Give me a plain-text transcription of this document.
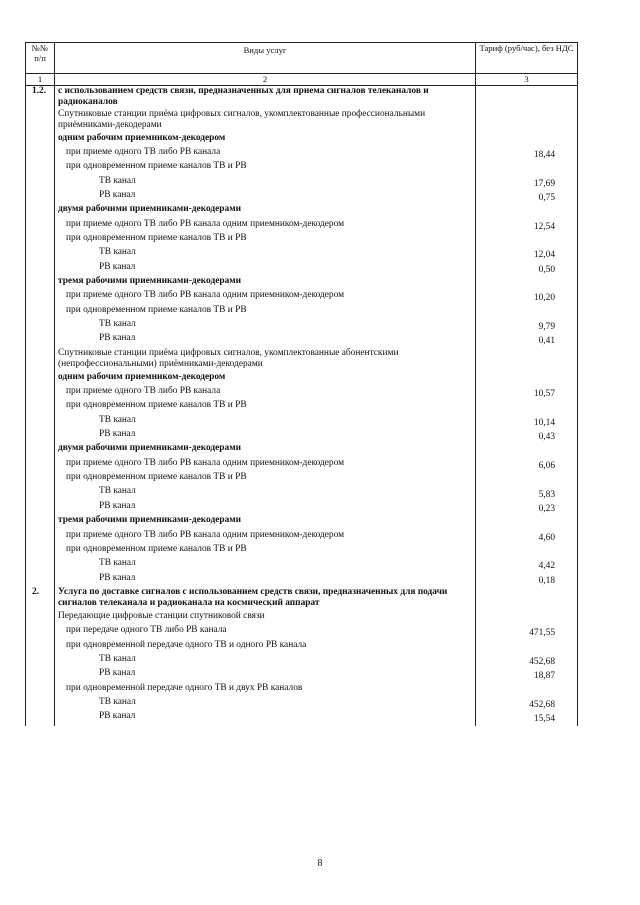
№№ п/п	Виды услуг	Тариф (руб/час), без НДС
1	2	3
1.2.	с использованием средств связи, предназначенных для приема сигналов телеканалов и радиоканалов	
	Спутниковые станции приёма цифровых сигналов, укомплектованные профессиональными приёмниками-декодерами	
	одним рабочим приемником-декодером	
	при приеме одного ТВ либо РВ канала	18,44
	при одновременном приеме каналов ТВ и РВ	
	ТВ канал	17,69
	РВ канал	0,75
	двумя рабочими приемниками-декодерами	
	при приеме одного ТВ либо РВ канала одним приемником-декодером	12,54
	при одновременном приеме каналов ТВ и РВ	
	ТВ канал	12,04
	РВ канал	0,50
	тремя рабочими приемниками-декодерами	
	при приеме одного ТВ либо РВ канала одним приемником-декодером	10,20
	при одновременном приеме каналов ТВ и РВ	
	ТВ канал	9,79
	РВ канал	0,41
	Спутниковые станции приёма цифровых сигналов, укомплектованные абонентскими (непрофессиональными) приёмниками-декодерами	
	одним рабочим приемником-декодером	
	при приеме одного ТВ либо РВ канала	10,57
	при одновременном приеме каналов ТВ и РВ	
	ТВ канал	10,14
	РВ канал	0,43
	двумя рабочими приемниками-декодерами	
	при приеме одного ТВ либо РВ канала одним приемником-декодером	6,06
	при одновременном приеме каналов ТВ и РВ	
	ТВ канал	5,83
	РВ канал	0,23
	тремя рабочими приемниками-декодерами	
	при приеме одного ТВ либо РВ канала одним приемником-декодером	4,60
	при одновременном приеме каналов ТВ и РВ	
	ТВ канал	4,42
	РВ канал	0,18
2.	Услуга по доставке сигналов с использованием средств связи, предназначенных для подачи сигналов телеканала и радиоканала на космический аппарат	
	Передающие цифровые станции спутниковой связи	
	при передаче одного ТВ либо РВ канала	471,55
	при одновременной передаче одного ТВ и одного РВ канала	
	ТВ канал	452,68
	РВ канал	18,87
	при одновременной передаче одного ТВ и двух РВ каналов	
	ТВ канал	452,68
	РВ канал	15,54
8
